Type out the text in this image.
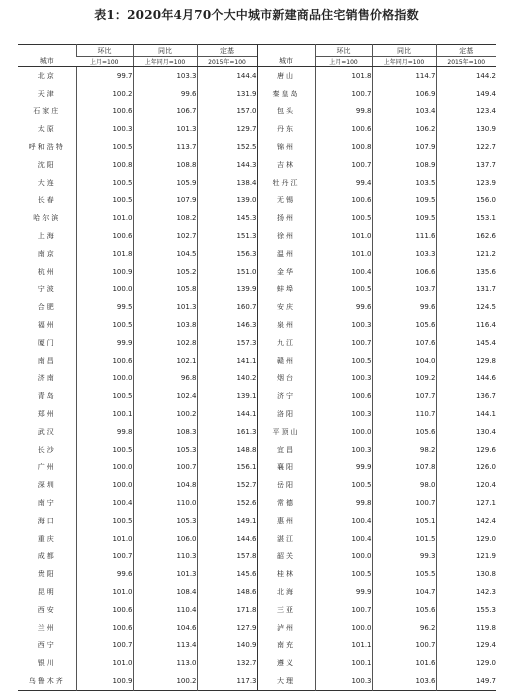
表1：2020年4月70个大中城市新建商品住宅销售价格指数
城市	环比	同比	定基	城市	环比	同比	定基
	上月=100	上年同月=100	2015年=100		上月=100	上年同月=100	2015年=100
北京	99.7	103.3	144.4	唐山	101.8	114.7	144.2
天津	100.2	99.6	131.9	秦皇岛	100.7	106.9	149.4
石家庄	100.6	106.7	157.0	包头	99.8	103.4	123.4
太原	100.3	101.3	129.7	丹东	100.6	106.2	130.9
呼和浩特	100.5	113.7	152.5	锦州	100.8	107.9	122.7
沈阳	100.8	108.8	144.3	吉林	100.7	108.9	137.7
大连	100.5	105.9	138.4	牡丹江	99.4	103.5	123.9
长春	100.5	107.9	139.0	无锡	100.6	109.5	156.0
哈尔滨	101.0	108.2	145.3	扬州	100.5	109.5	153.1
上海	100.6	102.7	151.3	徐州	101.0	111.6	162.6
南京	101.8	104.5	156.3	温州	101.0	103.3	121.2
杭州	100.9	105.2	151.0	金华	100.4	106.6	135.6
宁波	100.0	105.8	139.9	蚌埠	100.5	103.7	131.7
合肥	99.5	101.3	160.7	安庆	99.6	99.6	124.5
福州	100.5	103.8	146.3	泉州	100.3	105.6	116.4
厦门	99.9	102.8	157.3	九江	100.7	107.6	145.4
南昌	100.6	102.1	141.1	赣州	100.5	104.0	129.8
济南	100.0	96.8	140.2	烟台	100.3	109.2	144.6
青岛	100.5	102.4	139.1	济宁	100.6	107.7	136.7
郑州	100.1	100.2	144.1	洛阳	100.3	110.7	144.1
武汉	99.8	108.3	161.3	平顶山	100.0	105.6	130.4
长沙	100.5	105.3	148.8	宜昌	100.3	98.2	129.6
广州	100.0	100.7	156.1	襄阳	99.9	107.8	126.0
深圳	100.0	104.8	152.7	岳阳	100.5	98.0	120.4
南宁	100.4	110.0	152.6	常德	99.8	100.7	127.1
海口	100.5	105.3	149.1	惠州	100.4	105.1	142.4
重庆	101.0	106.0	144.6	湛江	100.4	101.5	129.0
成都	100.7	110.3	157.8	韶关	100.0	99.3	121.9
贵阳	99.6	101.3	145.6	桂林	100.5	105.5	130.8
昆明	101.0	108.4	148.6	北海	99.9	104.7	142.3
西安	100.6	110.4	171.8	三亚	100.7	105.6	155.3
兰州	100.6	104.6	127.9	泸州	100.0	96.2	119.8
西宁	100.7	113.4	140.9	南充	101.1	100.7	129.4
银川	101.0	113.0	132.7	遵义	100.1	101.6	129.0
乌鲁木齐	100.9	100.2	117.3	大理	100.3	103.6	149.7
